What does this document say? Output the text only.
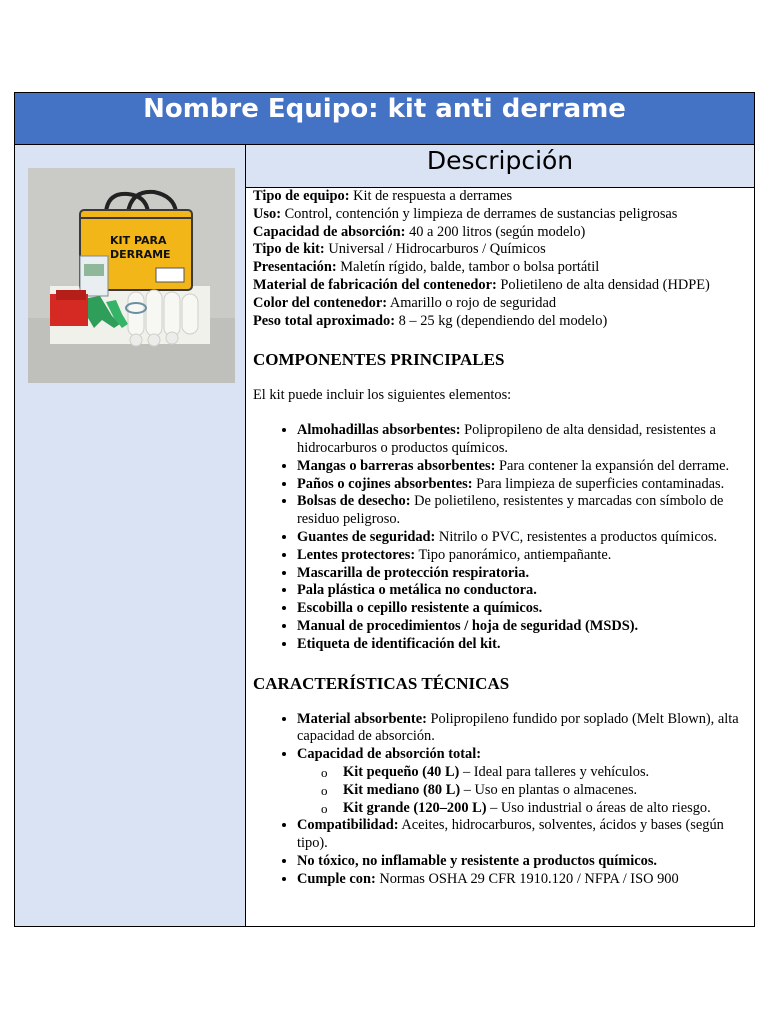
Nombre Equipo: kit anti derrame
KIT PARA
DERRAME
Descripción
Tipo de equipo: Kit de respuesta a derrames
Uso: Control, contención y limpieza de derrames de sustancias peligrosas
Capacidad de absorción: 40 a 200 litros (según modelo)
Tipo de kit: Universal / Hidrocarburos / Químicos
Presentación: Maletín rígido, balde, tambor o bolsa portátil
Material de fabricación del contenedor: Polietileno de alta densidad (HDPE)
Color del contenedor: Amarillo o rojo de seguridad
Peso total aproximado: 8 – 25 kg (dependiendo del modelo)
COMPONENTES PRINCIPALES

El kit puede incluir los siguientes elementos:

• Almohadillas absorbentes: Polipropileno de alta densidad, resistentes a hidrocarburos o productos químicos.
• Mangas o barreras absorbentes: Para contener la expansión del derrame.
• Paños o cojines absorbentes: Para limpieza de superficies contaminadas.
• Bolsas de desecho: De polietileno, resistentes y marcadas con símbolo de residuo peligroso.
• Guantes de seguridad: Nitrilo o PVC, resistentes a productos químicos.
• Lentes protectores: Tipo panorámico, antiempañante.
• Mascarilla de protección respiratoria.
• Pala plástica o metálica no conductora.
• Escobilla o cepillo resistente a químicos.
• Manual de procedimientos / hoja de seguridad (MSDS).
• Etiqueta de identificación del kit.
CARACTERÍSTICAS TÉCNICAS
• Material absorbente: Polipropileno fundido por soplado (Melt Blown), alta capacidad de absorción.
• Capacidad de absorción total:
o Kit pequeño (40 L) – Ideal para talleres y vehículos.
o Kit mediano (80 L) – Uso en plantas o almacenes.
o Kit grande (120–200 L) – Uso industrial o áreas de alto riesgo.
• Compatibilidad: Aceites, hidrocarburos, solventes, ácidos y bases (según tipo).
• No tóxico, no inflamable y resistente a productos químicos.
• Cumple con: Normas OSHA 29 CFR 1910.120 / NFPA / ISO 900
